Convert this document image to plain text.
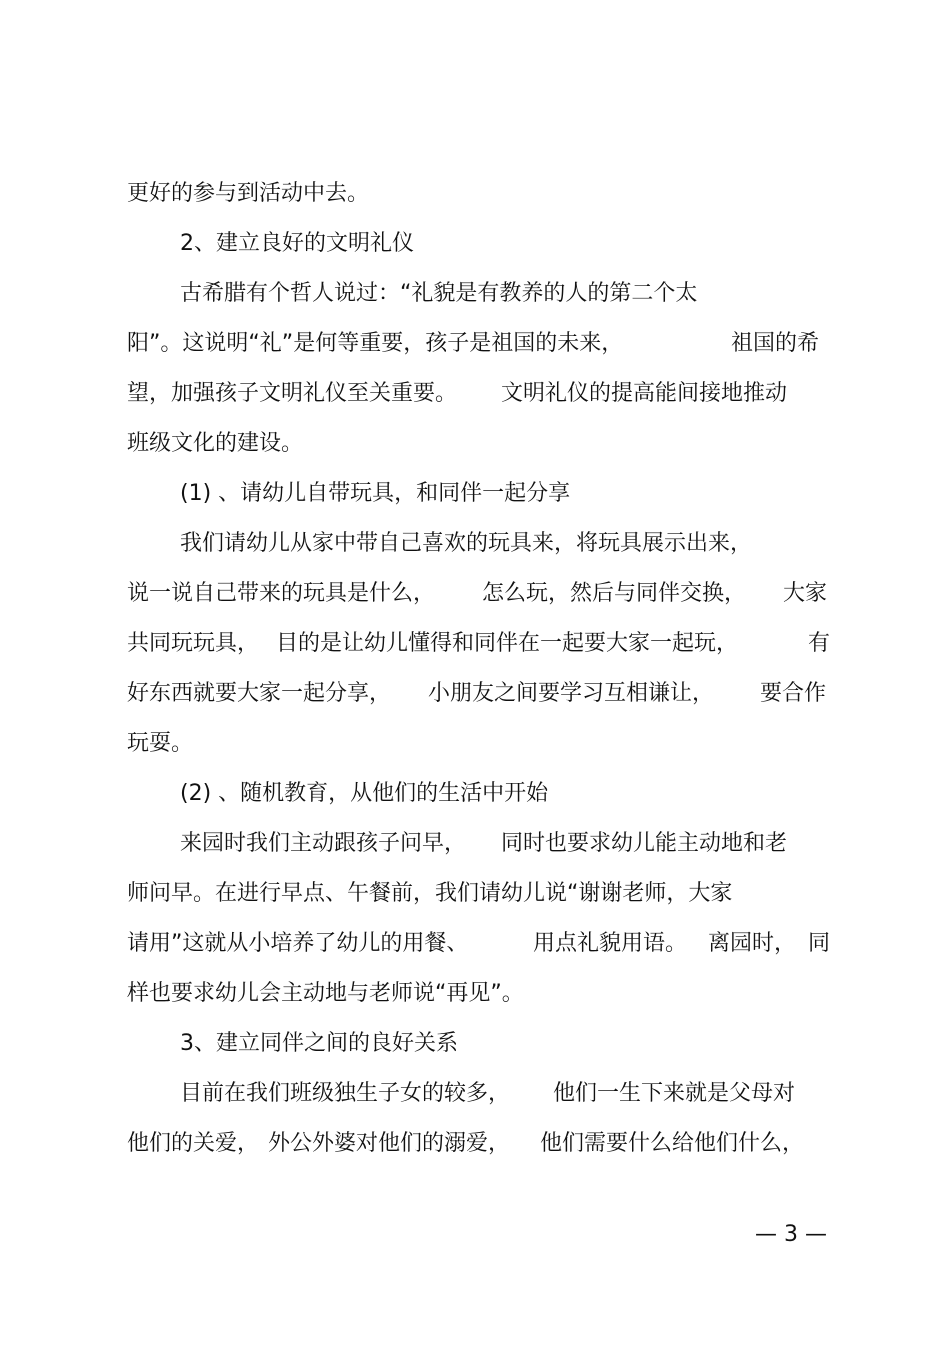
更好的参与到活动中去。

2、建立良好的文明礼仪

古希腊有个哲人说过：“礼貌是有教养的人的第二个太

阳”。这说明“礼”是何等重要，孩子是祖国的未来，

	祖国的希

望，加强孩子文明礼仪至关重要。

文明礼仪的提高能间接地推动

班级文化的建设。

(1) 、请幼儿自带玩具，和同伴一起分享

我们请幼儿从家中带自己喜欢的玩具来，将玩具展示出来，

说一说自己带来的玩具是什么，

怎么玩，然后与同伴交换，

大家

共同玩玩具，

目的是让幼儿懂得和同伴在一起要大家一起玩，

	有

好东西就要大家一起分享，

小朋友之间要学习互相谦让，

要合作

玩耍。

(2) 、随机教育，从他们的生活中开始

来园时我们主动跟孩子问早，

同时也要求幼儿能主动地和老

师问早。在进行早点、午餐前，我们请幼儿说“谢谢老师，大家

请用”这就从小培养了幼儿的用餐、

	用点礼貌用语。

离园时，

同

样也要求幼儿会主动地与老师说“再见”。

3、建立同伴之间的良好关系

目前在我们班级独生子女的较多，

他们一生下来就是父母对

他们的关爱，

外公外婆对他们的溺爱，

他们需要什么给他们什么，

— 3 —
